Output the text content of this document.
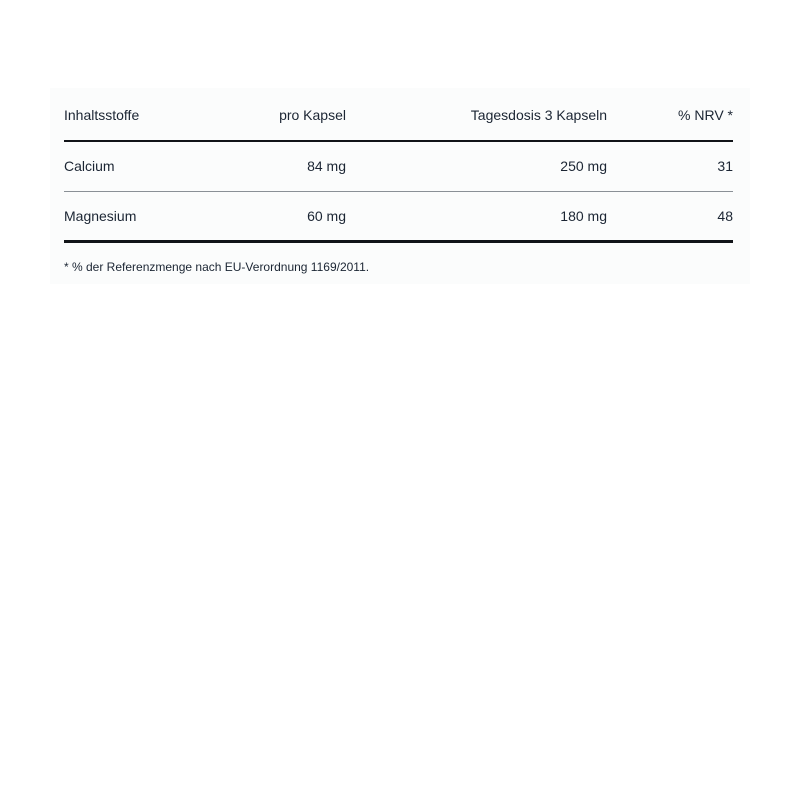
Inhaltsstoffe	pro Kapsel	Tagesdosis 3 Kapseln	% NRV *
Calcium	84 mg	250 mg	31
Magnesium	60 mg	180 mg	48
* % der Referenzmenge nach EU-Verordnung 1169/2011.
